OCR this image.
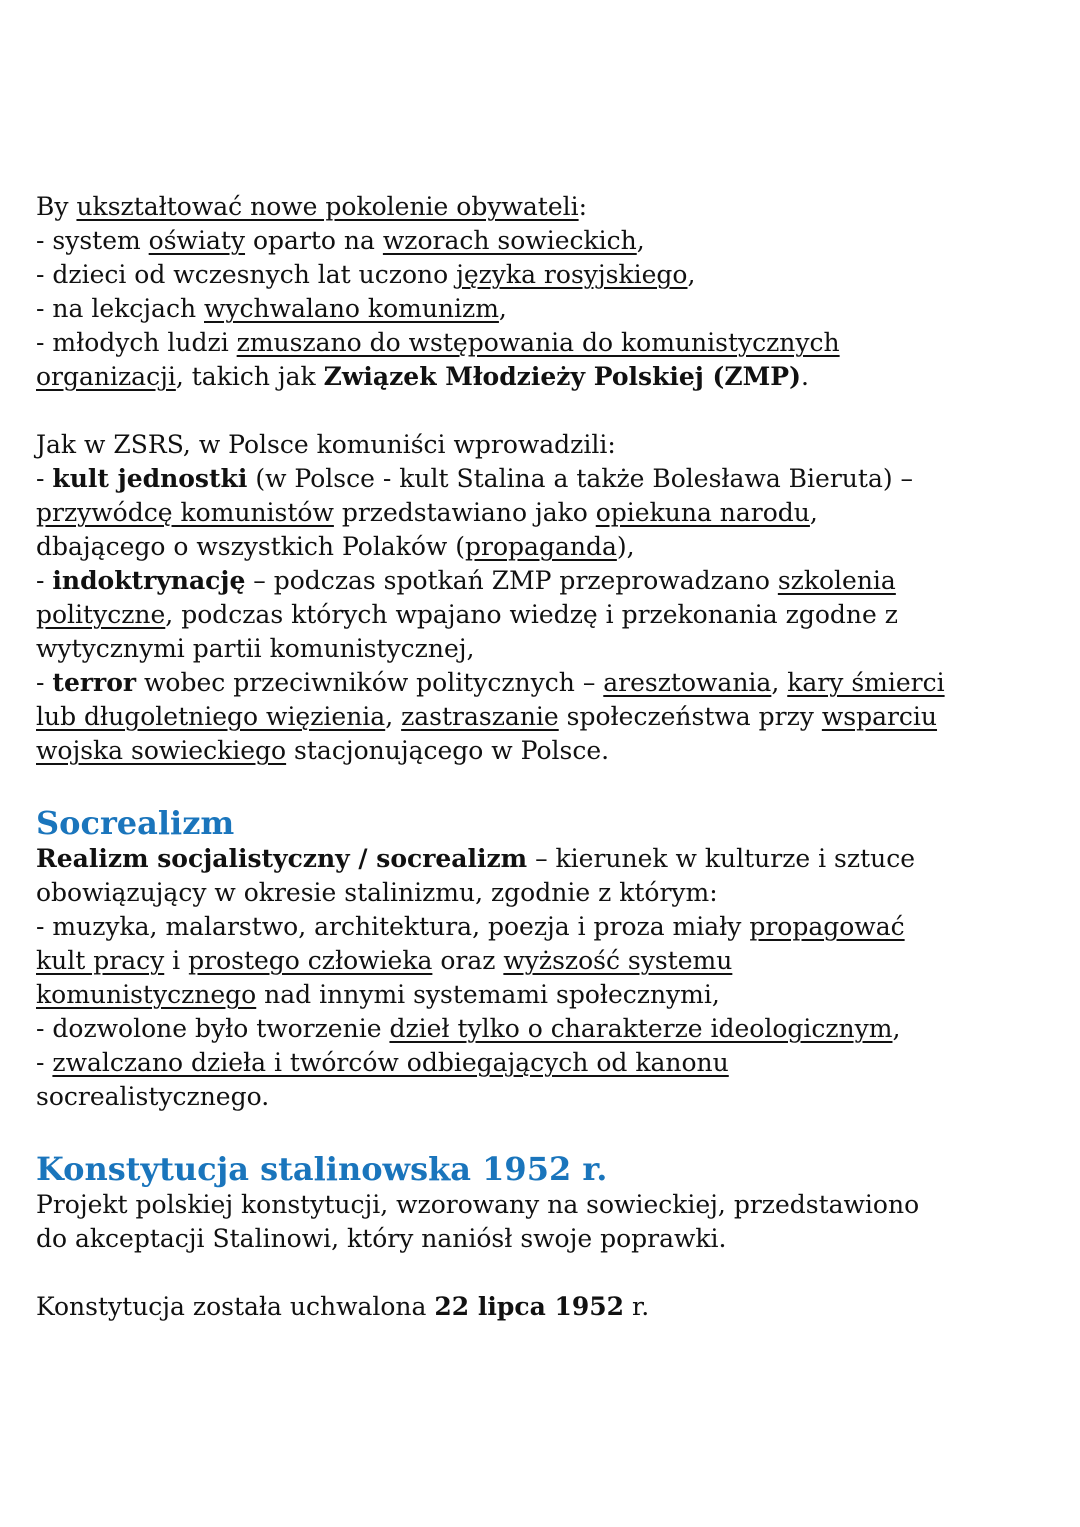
By ukształtować nowe pokolenie obywateli:
- system oświaty oparto na wzorach sowieckich,
- dzieci od wczesnych lat uczono języka rosyjskiego,
- na lekcjach wychwalano komunizm,
- młodych ludzi zmuszano do wstępowania do komunistycznych
organizacji, takich jak Związek Młodzieży Polskiej (ZMP).
Jak w ZSRS, w Polsce komuniści wprowadzili:
- kult jednostki (w Polsce - kult Stalina a także Bolesława Bieruta) –
przywódcę komunistów przedstawiano jako opiekuna narodu,
dbającego o wszystkich Polaków (propaganda),
- indoktrynację – podczas spotkań ZMP przeprowadzano szkolenia
polityczne, podczas których wpajano wiedzę i przekonania zgodne z
wytycznymi partii komunistycznej,
- terror wobec przeciwników politycznych – aresztowania, kary śmierci
lub długoletniego więzienia, zastraszanie społeczeństwa przy wsparciu
wojska sowieckiego stacjonującego w Polsce.
Socrealizm
Realizm socjalistyczny / socrealizm – kierunek w kulturze i sztuce
obowiązujący w okresie stalinizmu, zgodnie z którym:
- muzyka, malarstwo, architektura, poezja i proza miały propagować
kult pracy i prostego człowieka oraz wyższość systemu
komunistycznego nad innymi systemami społecznymi,
- dozwolone było tworzenie dzieł tylko o charakterze ideologicznym,
- zwalczano dzieła i twórców odbiegających od kanonu
socrealistycznego.
Konstytucja stalinowska 1952 r.
Projekt polskiej konstytucji, wzorowany na sowieckiej, przedstawiono
do akceptacji Stalinowi, który naniósł swoje poprawki.
Konstytucja została uchwalona 22 lipca 1952 r.
